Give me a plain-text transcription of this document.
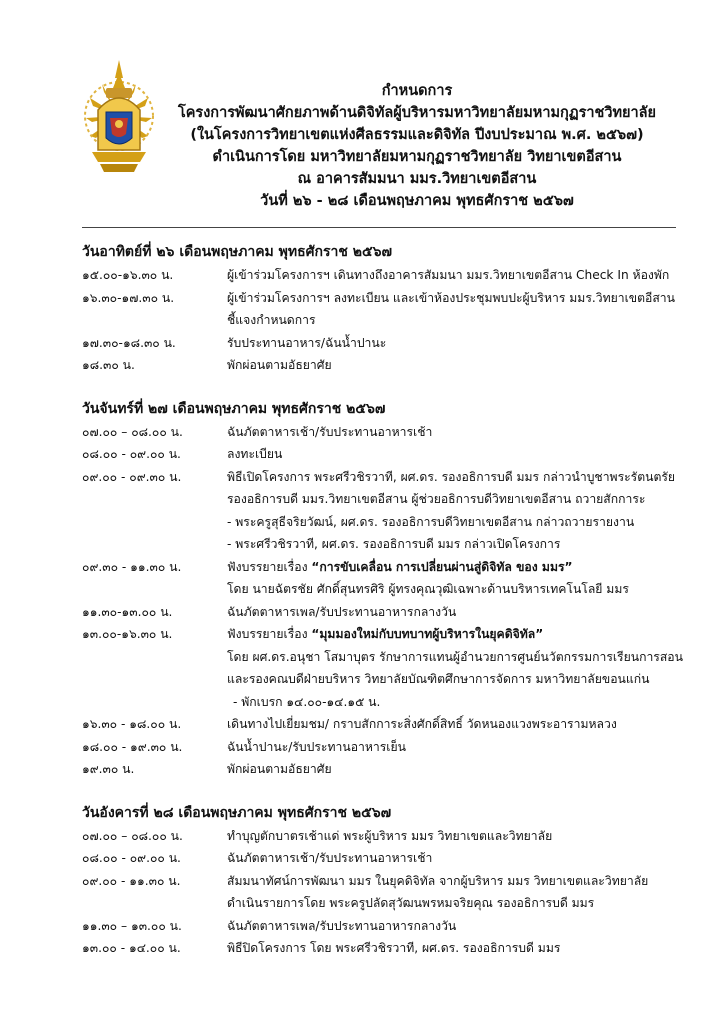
กำหนดการ
โครงการพัฒนาศักยภาพด้านดิจิทัลผู้บริหารมหาวิทยาลัยมหามกุฏราชวิทยาลัย
(ในโครงการวิทยาเขตแห่งศีลธรรมและดิจิทัล ปีงบประมาณ พ.ศ. ๒๕๖๗)
ดำเนินการโดย มหาวิทยาลัยมหามกุฏราชวิทยาลัย วิทยาเขตอีสาน
ณ อาคารสัมมนา มมร.วิทยาเขตอีสาน
วันที่ ๒๖ - ๒๘ เดือนพฤษภาคม พุทธศักราช ๒๕๖๗
วันอาทิตย์ที่ ๒๖ เดือนพฤษภาคม พุทธศักราช ๒๕๖๗
๑๕.๐๐-๑๖.๓๐ น.	ผู้เข้าร่วมโครงการฯ เดินทางถึงอาคารสัมมนา มมร.วิทยาเขตอีสาน Check In ห้องพัก
๑๖.๓๐-๑๗.๓๐ น.	ผู้เข้าร่วมโครงการฯ ลงทะเบียน และเข้าห้องประชุมพบปะผู้บริหาร มมร.วิทยาเขตอีสาน
ชี้แจงกำหนดการ
๑๗.๓๐-๑๘.๓๐ น.	รับประทานอาหาร/ฉันน้ำปานะ
๑๘.๓๐ น.	พักผ่อนตามอัธยาศัย
วันจันทร์ที่ ๒๗ เดือนพฤษภาคม พุทธศักราช ๒๕๖๗
๐๗.๐๐ – ๐๘.๐๐ น.	ฉันภัตตาหารเช้า/รับประทานอาหารเช้า
๐๘.๐๐ - ๐๙.๐๐ น.	ลงทะเบียน
๐๙.๐๐ - ๐๙.๓๐ น.	พิธีเปิดโครงการ พระศรีวชิรวาที, ผศ.ดร. รองอธิการบดี มมร กล่าวนำบูชาพระรัตนตรัย
รองอธิการบดี มมร.วิทยาเขตอีสาน ผู้ช่วยอธิการบดีวิทยาเขตอีสาน ถวายสักการะ
- พระครูสุธีจริยวัฒน์, ผศ.ดร. รองอธิการบดีวิทยาเขตอีสาน กล่าวถวายรายงาน
- พระศรีวชิรวาที, ผศ.ดร. รองอธิการบดี มมร กล่าวเปิดโครงการ
๐๙.๓๐ - ๑๑.๓๐ น.	ฟังบรรยายเรื่อง “การขับเคลื่อน การเปลี่ยนผ่านสู่ดิจิทัล ของ มมร”
โดย นายฉัตรชัย ศักดิ์สุนทรศิริ ผู้ทรงคุณวุฒิเฉพาะด้านบริหารเทคโนโลยี มมร
๑๑.๓๐-๑๓.๐๐ น.	ฉันภัตตาหารเพล/รับประทานอาหารกลางวัน
๑๓.๐๐-๑๖.๓๐ น.	ฟังบรรยายเรื่อง “มุมมองใหม่กับบทบาทผู้บริหารในยุคดิจิทัล”
โดย ผศ.ดร.อนุชา โสมาบุตร รักษาการแทนผู้อำนวยการศูนย์นวัตกรรมการเรียนการสอน
และรองคณบดีฝ่ายบริหาร วิทยาลัยบัณฑิตศึกษาการจัดการ มหาวิทยาลัยขอนแก่น
- พักเบรก ๑๔.๐๐-๑๔.๑๕ น.
๑๖.๓๐ - ๑๘.๐๐ น.	เดินทางไปเยี่ยมชม/ กราบสักการะสิ่งศักดิ์สิทธิ์ วัดหนองแวงพระอารามหลวง
๑๘.๐๐ - ๑๙.๓๐ น.	ฉันน้ำปานะ/รับประทานอาหารเย็น
๑๙.๓๐ น.	พักผ่อนตามอัธยาศัย
วันอังคารที่ ๒๘ เดือนพฤษภาคม พุทธศักราช ๒๕๖๗
๐๗.๐๐ – ๐๘.๐๐ น.	ทำบุญตักบาตรเช้าแด่ พระผู้บริหาร มมร วิทยาเขตและวิทยาลัย
๐๘.๐๐ - ๐๙.๐๐ น.	ฉันภัตตาหารเช้า/รับประทานอาหารเช้า
๐๙.๐๐ - ๑๑.๓๐ น.	สัมมนาทัศน์การพัฒนา มมร ในยุคดิจิทัล จากผู้บริหาร มมร วิทยาเขตและวิทยาลัย
ดำเนินรายการโดย พระครูปลัดสุวัฒนพรหมจริยคุณ รองอธิการบดี มมร
๑๑.๓๐ – ๑๓.๐๐ น.	ฉันภัตตาหารเพล/รับประทานอาหารกลางวัน
๑๓.๐๐ - ๑๔.๐๐ น.	พิธีปิดโครงการ โดย พระศรีวชิรวาที, ผศ.ดร. รองอธิการบดี มมร
